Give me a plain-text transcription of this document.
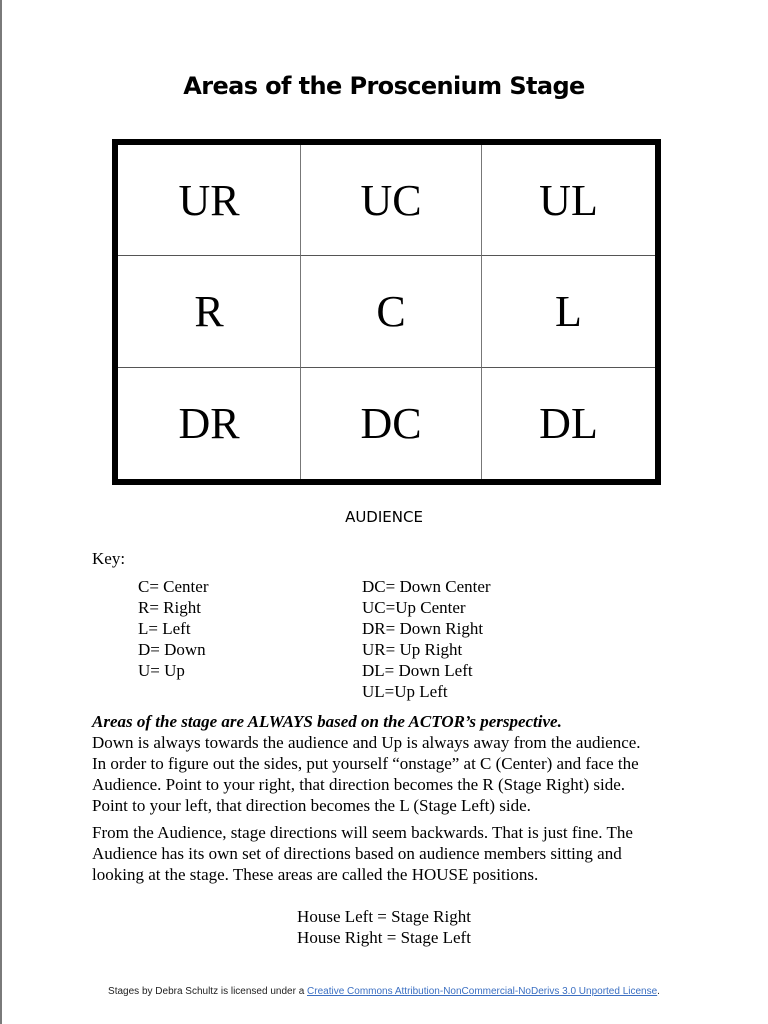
Areas of the Proscenium Stage
UR	UC	UL
R	C	L
DR	DC	DL
AUDIENCE
Key:
C= Center
R= Right
L= Left
D= Down
U= Up
DC= Down Center
UC=Up Center
DR= Down Right
UR= Up Right
DL= Down Left
UL=Up Left
Areas of the stage are ALWAYS based on the ACTOR’s perspective.
Down is always towards the audience and Up is always away from the audience.
In order to figure out the sides, put yourself “onstage” at C (Center) and face the
Audience. Point to your right, that direction becomes the R (Stage Right) side.
Point to your left, that direction becomes the L (Stage Left) side.
From the Audience, stage directions will seem backwards. That is just fine. The
Audience has its own set of directions based on audience members sitting and
looking at the stage. These areas are called the HOUSE positions.
House Left = Stage Right
House Right = Stage Left
Stages by Debra Schultz is licensed under a Creative Commons Attribution-NonCommercial-NoDerivs 3.0 Unported License.
